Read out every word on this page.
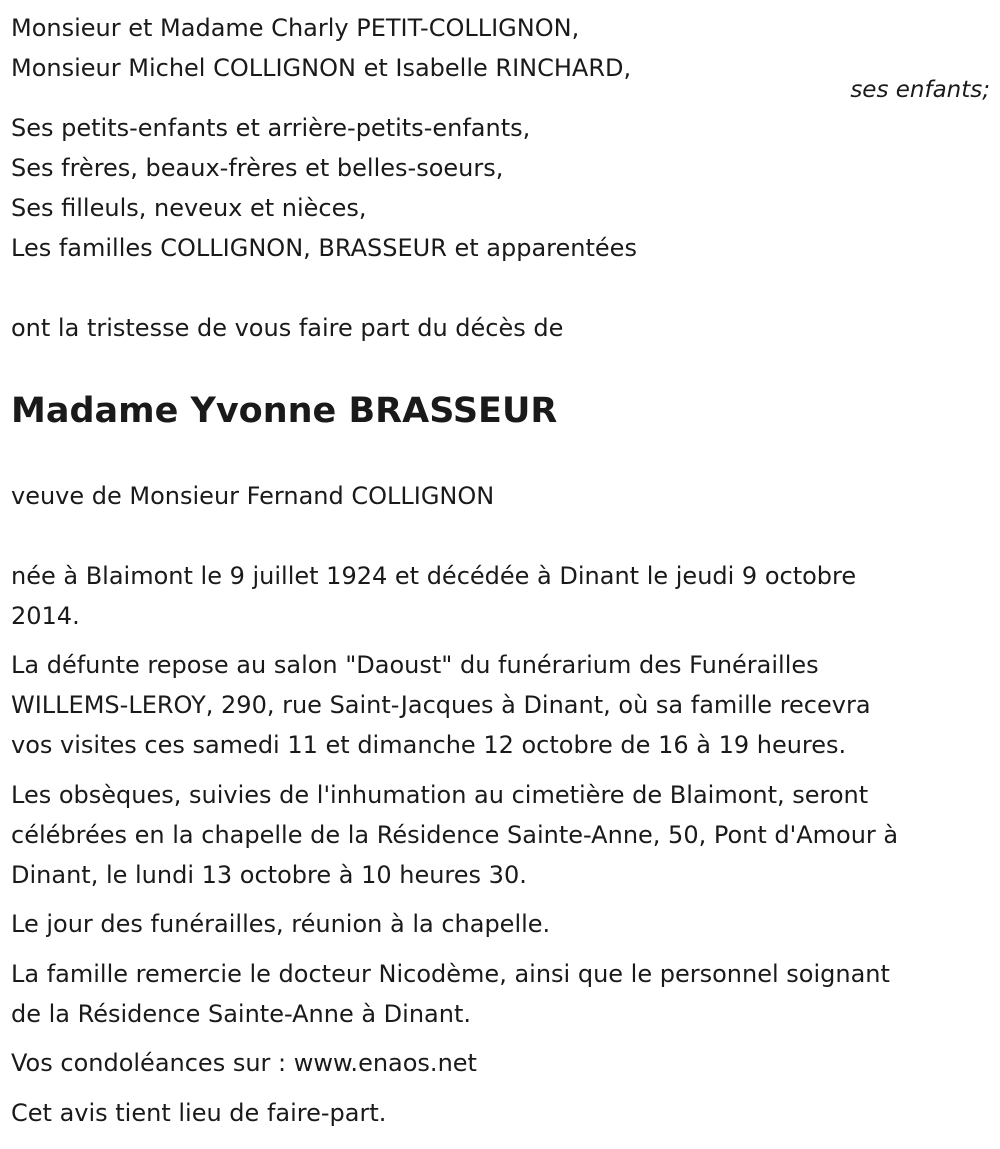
Monsieur et Madame Charly PETIT-COLLIGNON,
Monsieur Michel COLLIGNON et Isabelle RINCHARD,
Ses petits-enfants et arrière-petits-enfants,
Ses frères, beaux-frères et belles-soeurs,
Ses filleuls, neveux et nièces,
Les familles COLLIGNON, BRASSEUR et apparentées
ont la tristesse de vous faire part du décès de
Madame Yvonne BRASSEUR
veuve de Monsieur Fernand COLLIGNON
née à Blaimont le 9 juillet 1924 et décédée à Dinant le jeudi 9 octobre
2014.
La défunte repose au salon "Daoust" du funérarium des Funérailles
WILLEMS-LEROY, 290, rue Saint-Jacques à Dinant, où sa famille recevra
vos visites ces samedi 11 et dimanche 12 octobre de 16 à 19 heures.
Les obsèques, suivies de l'inhumation au cimetière de Blaimont, seront
célébrées en la chapelle de la Résidence Sainte-Anne, 50, Pont d'Amour à
Dinant, le lundi 13 octobre à 10 heures 30.
Le jour des funérailles, réunion à la chapelle.
La famille remercie le docteur Nicodème, ainsi que le personnel soignant
de la Résidence Sainte-Anne à Dinant.
Vos condoléances sur : www.enaos.net
Cet avis tient lieu de faire-part.
ses enfants;
